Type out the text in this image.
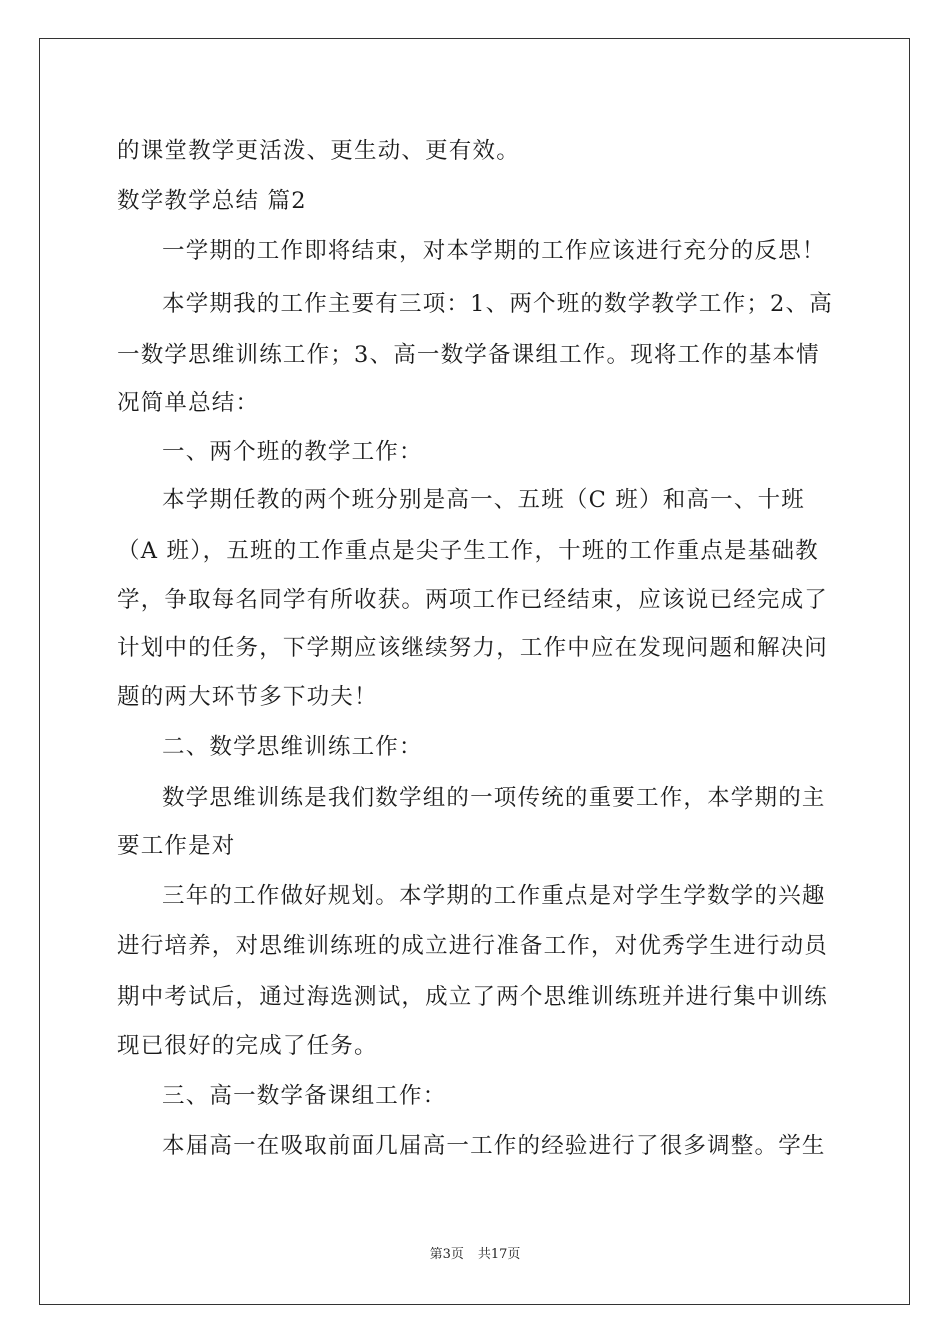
的课堂教学更活泼、更生动、更有效。
数学教学总结 篇2
一学期的工作即将结束，对本学期的工作应该进行充分的反思！
本学期我的工作主要有三项：1、两个班的数学教学工作；2、高
一数学思维训练工作；3、高一数学备课组工作。现将工作的基本情
况简单总结：
一、两个班的教学工作：
本学期任教的两个班分别是高一、五班（C 班）和高一、十班
（A 班），五班的工作重点是尖子生工作，十班的工作重点是基础教
学，争取每名同学有所收获。两项工作已经结束，应该说已经完成了
计划中的任务，下学期应该继续努力，工作中应在发现问题和解决问
题的两大环节多下功夫！
二、数学思维训练工作：
数学思维训练是我们数学组的一项传统的重要工作，本学期的主
要工作是对
三年的工作做好规划。本学期的工作重点是对学生学数学的兴趣
进行培养，对思维训练班的成立进行准备工作，对优秀学生进行动员
期中考试后，通过海选测试，成立了两个思维训练班并进行集中训练
现已很好的完成了任务。
三、高一数学备课组工作：
本届高一在吸取前面几届高一工作的经验进行了很多调整。学生
第3页 共17页
